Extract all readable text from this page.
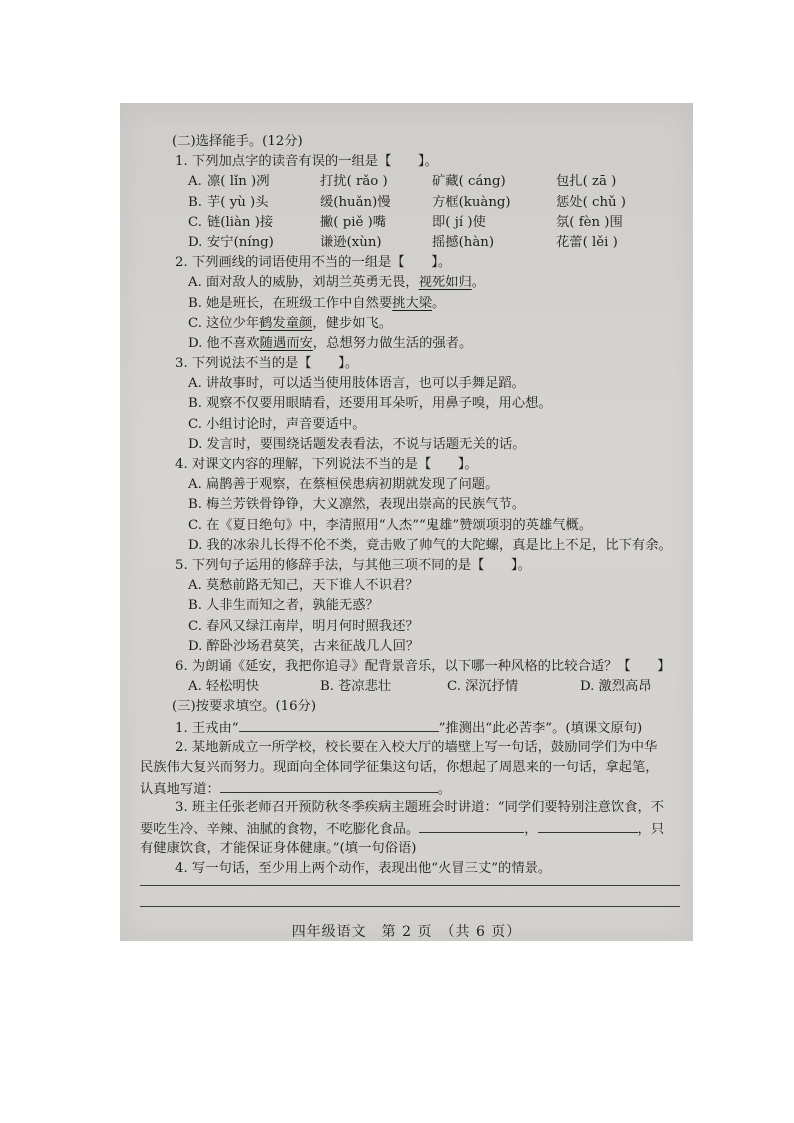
(二)选择能手。(12分)
1. 下列加点字的读音有误的一组是【　　】。
A. 凛( lǐn )冽	打扰( rǎo )	矿藏( cáng)	包扎( zā )
B. 芋( yù )头	缓(huǎn)慢	方框(kuàng)	惩处( chǔ )
C. 链(liàn )接	撇( piě )嘴	即( jí )使	氛( fèn )围
D. 安宁(níng)	谦逊(xùn)	摇撼(hàn)	花蕾( lěi )
2. 下列画线的词语使用不当的一组是【　　】。
A. 面对敌人的威胁，刘胡兰英勇无畏，视死如归。
B. 她是班长，在班级工作中自然要挑大梁。
C. 这位少年鹤发童颜，健步如飞。
D. 他不喜欢随遇而安，总想努力做生活的强者。
3. 下列说法不当的是【　　】。
A. 讲故事时，可以适当使用肢体语言，也可以手舞足蹈。
B. 观察不仅要用眼睛看，还要用耳朵听，用鼻子嗅，用心想。
C. 小组讨论时，声音要适中。
D. 发言时，要围绕话题发表看法，不说与话题无关的话。
4. 对课文内容的理解，下列说法不当的是【　　】。
A. 扁鹊善于观察，在蔡桓侯患病初期就发现了问题。
B. 梅兰芳铁骨铮铮，大义凛然，表现出崇高的民族气节。
C. 在《夏日绝句》中，李清照用“人杰”“鬼雄”赞颂项羽的英雄气概。
D. 我的冰尜儿长得不伦不类，竟击败了帅气的大陀螺，真是比上不足，比下有余。
5. 下列句子运用的修辞手法，与其他三项不同的是【　　】。
A. 莫愁前路无知己，天下谁人不识君？
B. 人非生而知之者，孰能无惑？
C. 春风又绿江南岸，明月何时照我还？
D. 醉卧沙场君莫笑，古来征战几人回？
6. 为朗诵《延安，我把你追寻》配背景音乐，以下哪一种风格的比较合适？【　　】
A. 轻松明快	B. 苍凉悲壮	C. 深沉抒情	D. 激烈高昂
(三)按要求填空。(16分)
1. 王戎由“	”推测出“此必苦李”。(填课文原句)
2. 某地新成立一所学校，校长要在入校大厅的墙壁上写一句话，鼓励同学们为中华
民族伟大复兴而努力。现面向全体同学征集这句话，你想起了周恩来的一句话，拿起笔，
认真地写道：	。
3. 班主任张老师召开预防秋冬季疾病主题班会时讲道：“同学们要特别注意饮食，不
要吃生冷、辛辣、油腻的食物，不吃膨化食品。	，	，只
有健康饮食，才能保证身体健康。”(填一句俗语)
4. 写一句话，至少用上两个动作，表现出他“火冒三丈”的情景。
四年级语文　第 2 页　（共 6 页）
